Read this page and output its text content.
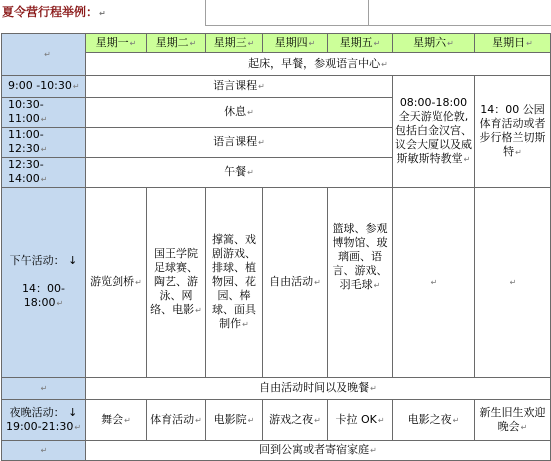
夏令营行程举例：↵
↵	星期一↵	星期二↵	星期三↵	星期四↵	星期五↵	星期六↵	星期日↵
	起床，早餐，参观语言中心↵						
9:00 -10:30↵	语言课程↵					08:00-18:00 全天游览伦敦,包括白金汉宫、议会大厦以及威斯敏斯特教堂↵	14：00 公园体育活动或者步行格兰切斯特↵
10:30-11:00↵	休息↵						
11:00-12:30↵	语言课程↵						
12:30-14:00↵	午餐↵						
下午活动： ↓

14：00-18:00↵	游览剑桥↵	国王学院足球赛、陶艺、游泳、网络、电影↵	撑篙、戏剧游戏、排球、植物园、花园、棒球、面具制作↵	自由活动↵	篮球、参观博物馆、玻璃画、语言、游戏、羽毛球↵	↵	↵
↵	自由活动时间以及晚餐↵						
夜晚活动： ↓
19:00-21:30↵	舞会↵	体育活动↵	电影院↵	游戏之夜↵	卡拉 OK↵	电影之夜↵	新生旧生欢迎晚会↵
↵	回到公寓或者寄宿家庭↵						
